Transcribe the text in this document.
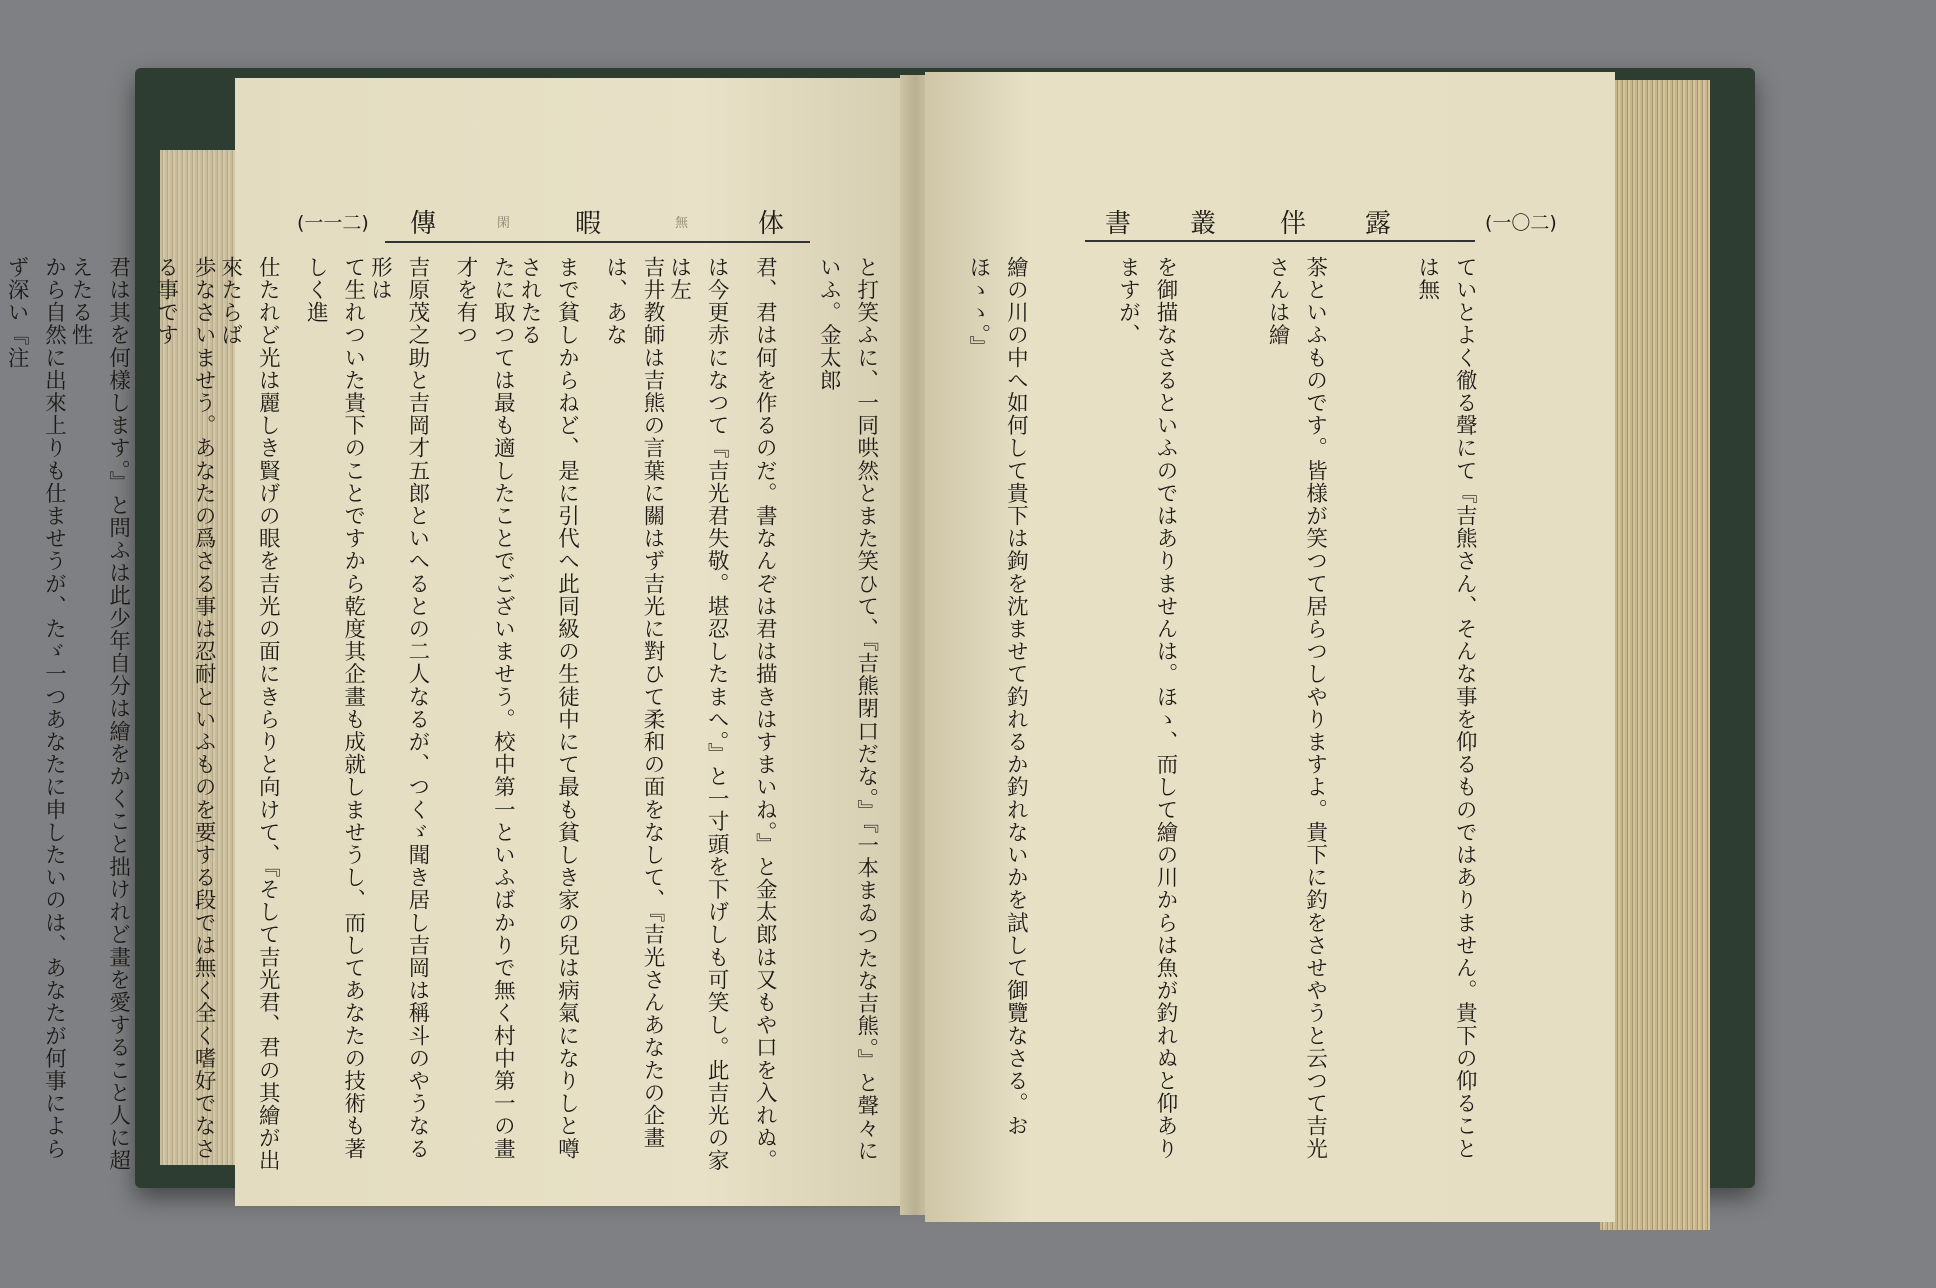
(一一二) 傳	閑 暇	無	体

君、君は何を作るのだ。書なんぞは君は描きはすまいね。』と金太郎は又もや口を入れぬ。

吉井教師は吉熊の言葉に關はず吉光に對ひて柔和の面をなして、『吉光さんあなたの企畫は、あな

たに取つては最も適したことでございませう。校中第一といふばかりで無く村中第一の畫才を有つ

て生れついた貴下のことですから乾度其企畫も成就しませうし、而してあなたの技術も著しく進

歩なさいませう。あなたの爲さる事は忍耐といふものを要する段では無く全く嗜好でなさる事です

から自然に出來上りも仕ませうが、たゞ一つあなたに申したいのは、あなたが何事によらず深い『注

書 叢 伴 露	(一〇二)

ていとよく徹る聲にて『吉熊さん、そんな事を仰るものではありません。貴下の仰ることは無

茶といふものです。皆様が笑つて居らつしやりますよ。貴下に釣をさせやうと云つて吉光さんは繪

を御描なさるといふのではありませんは。ほゝ、而して繪の川からは魚が釣れぬと仰ありますが、

繪の川の中へ如何して貴下は鉤を沈ませて釣れるか釣れないかを試して御覽なさる。おほゝゝ。』

と打笑ふに、一同哄然とまた笑ひて、『吉熊閉口だな。』『一本まゐつたな吉熊。』と聲々にいふ。金太郎

は今更赤になつて『吉光君失敬。堪忍したまへ。』と一寸頭を下げしも可笑し。此吉光の家は左

まで貧しからねど、是に引代へ此同級の生徒中にて最も貧しき家の兒は病氣になりしと噂されたる

吉原茂之助と吉岡才五郎といへるとの二人なるが、つくゞ聞き居し吉岡は稱斗のやうなる形は

仕たれど光は麗しき賢げの眼を吉光の面にきらりと向けて、『そして吉光君、君の其繪が出來たらば

君は其を何樣します。』と問ふは此少年自分は繪をかくこと拙けれど畫を愛すること人に超えたる性
